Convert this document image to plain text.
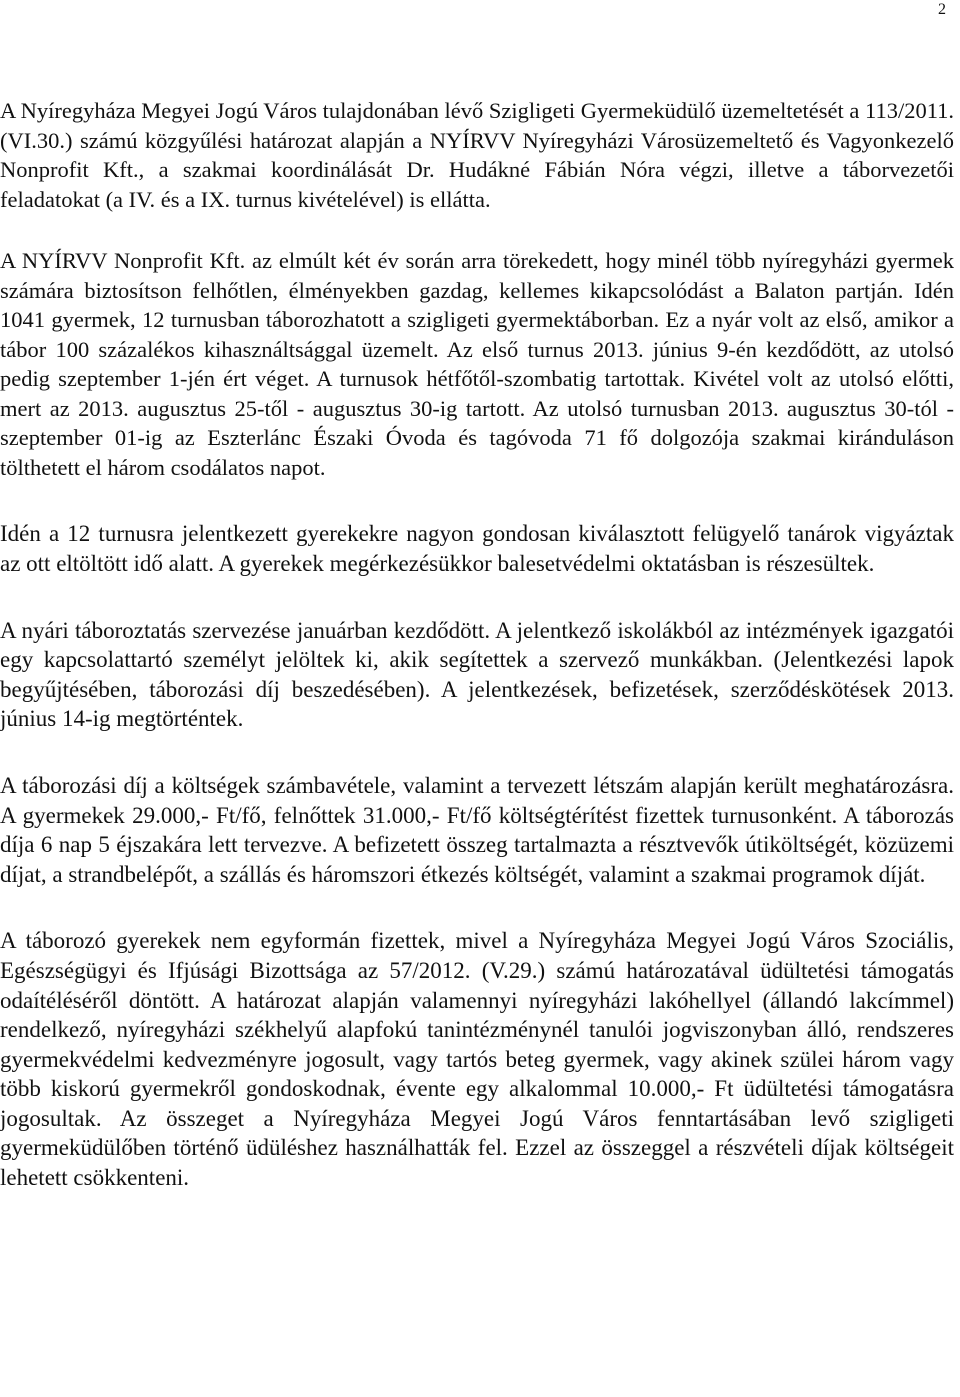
2

A Nyíregyháza Megyei Jogú Város tulajdonában lévő Szigligeti Gyermeküdülő üzemeltetését a 113/2011. (VI.30.) számú közgyűlési határozat alapján a NYÍRVV Nyíregyházi Városüzemeltető és Vagyonkezelő Nonprofit Kft., a szakmai koordinálását Dr. Hudákné Fábián Nóra végzi, illetve a táborvezetői feladatokat (a IV. és a IX. turnus kivételével) is ellátta.

A NYÍRVV Nonprofit Kft. az elmúlt két év során arra törekedett, hogy minél több nyíregyházi gyermek számára biztosítson felhőtlen, élményekben gazdag, kellemes kikapcsolódást a Balaton partján. Idén 1041 gyermek, 12 turnusban táborozhatott a szigligeti gyermektáborban. Ez a nyár volt az első, amikor a tábor 100 százalékos kihasználtsággal üzemelt. Az első turnus 2013. június 9-én kezdődött, az utolsó pedig szeptember 1-jén ért véget. A turnusok hétfőtől-szombatig tartottak. Kivétel volt az utolsó előtti, mert az 2013. augusztus 25-től - augusztus 30-ig tartott. Az utolsó turnusban 2013. augusztus 30-tól - szeptember 01-ig az Eszterlánc Északi Óvoda és tagóvoda 71 fő dolgozója szakmai kiránduláson tölthetett el három csodálatos napot.

Idén a 12 turnusra jelentkezett gyerekekre nagyon gondosan kiválasztott felügyelő tanárok vigyáztak az ott eltöltött idő alatt. A gyerekek megérkezésükkor balesetvédelmi oktatásban is részesültek.

A nyári táboroztatás szervezése januárban kezdődött. A jelentkező iskolákból az intézmények igazgatói egy kapcsolattartó személyt jelöltek ki, akik segítettek a szervező munkákban. (Jelentkezési lapok begyűjtésében, táborozási díj beszedésében). A jelentkezések, befizetések, szerződéskötések 2013. június 14-ig megtörténtek.

A táborozási díj a költségek számbavétele, valamint a tervezett létszám alapján került meghatározásra. A gyermekek 29.000,- Ft/fő, felnőttek 31.000,- Ft/fő költségtérítést fizettek turnusonként. A táborozás díja 6 nap 5 éjszakára lett tervezve. A befizetett összeg tartalmazta a résztvevők útiköltségét, közüzemi díjat, a strandbelépőt, a szállás és háromszori étkezés költségét, valamint a szakmai programok díját.

A táborozó gyerekek nem egyformán fizettek, mivel a Nyíregyháza Megyei Jogú Város Szociális, Egészségügyi és Ifjúsági Bizottsága az 57/2012. (V.29.) számú határozatával üdültetési támogatás odaítéléséről döntött. A határozat alapján valamennyi nyíregyházi lakóhellyel (állandó lakcímmel) rendelkező, nyíregyházi székhelyű alapfokú tanintézménynél tanulói jogviszonyban álló, rendszeres gyermekvédelmi kedvezményre jogosult, vagy tartós beteg gyermek, vagy akinek szülei három vagy több kiskorú gyermekről gondoskodnak, évente egy alkalommal 10.000,- Ft üdültetési támogatásra jogosultak. Az összeget a Nyíregyháza Megyei Jogú Város fenntartásában levő szigligeti gyermeküdülőben történő üdüléshez használhatták fel. Ezzel az összeggel a részvételi díjak költségeit lehetett csökkenteni.
